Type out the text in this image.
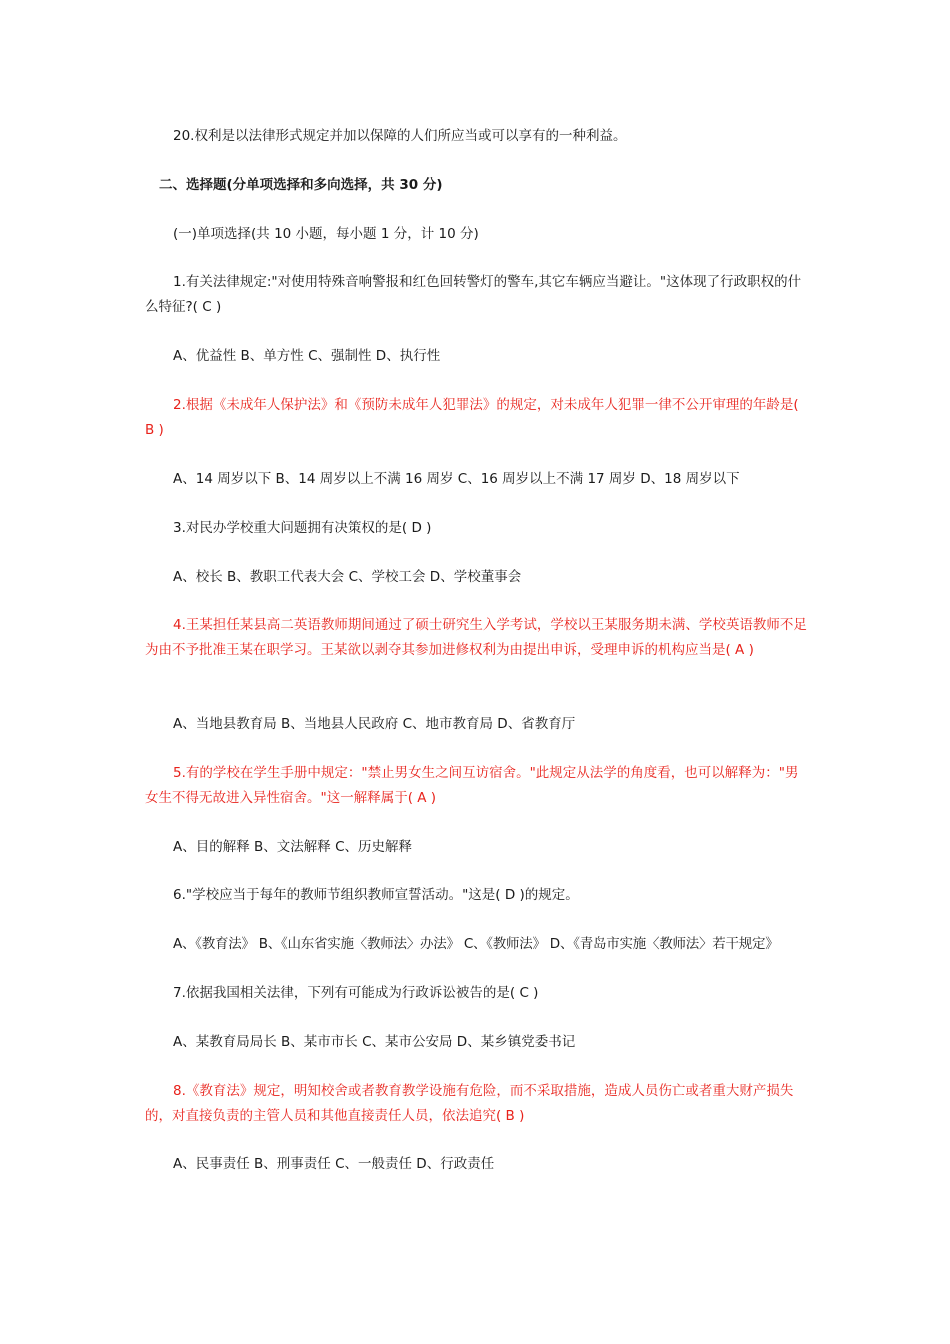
20.权利是以法律形式规定并加以保障的人们所应当或可以享有的一种利益。

二、选择题(分单项选择和多向选择，共 30 分)

(一)单项选择(共 10 小题，每小题 1 分，计 10 分)

1.有关法律规定:"对使用特殊音响警报和红色回转警灯的警车,其它车辆应当避让。"这体现了行政职权的什么特征?( C )

A、优益性 B、单方性 C、强制性 D、执行性

2.根据《未成年人保护法》和《预防未成年人犯罪法》的规定，对未成年人犯罪一律不公开审理的年龄是( B )

A、14 周岁以下 B、14 周岁以上不满 16 周岁 C、16 周岁以上不满 17 周岁 D、18 周岁以下

3.对民办学校重大问题拥有决策权的是( D )

A、校长 B、教职工代表大会 C、学校工会 D、学校董事会

4.王某担任某县高二英语教师期间通过了硕士研究生入学考试，学校以王某服务期未满、学校英语教师不足为由不予批准王某在职学习。王某欲以剥夺其参加进修权利为由提出申诉，受理申诉的机构应当是( A )

A、当地县教育局 B、当地县人民政府 C、地市教育局 D、省教育厅

5.有的学校在学生手册中规定："禁止男女生之间互访宿舍。"此规定从法学的角度看，也可以解释为："男女生不得无故进入异性宿舍。"这一解释属于( A )

A、目的解释 B、文法解释 C、历史解释

6."学校应当于每年的教师节组织教师宣誓活动。"这是( D )的规定。

A、《教育法》 B、《山东省实施〈教师法〉办法》 C、《教师法》 D、《青岛市实施〈教师法〉若干规定》

7.依据我国相关法律，下列有可能成为行政诉讼被告的是( C )

A、某教育局局长 B、某市市长 C、某市公安局 D、某乡镇党委书记

8.《教育法》规定，明知校舍或者教育教学设施有危险，而不采取措施，造成人员伤亡或者重大财产损失的，对直接负责的主管人员和其他直接责任人员，依法追究( B )

A、民事责任 B、刑事责任 C、一般责任 D、行政责任
